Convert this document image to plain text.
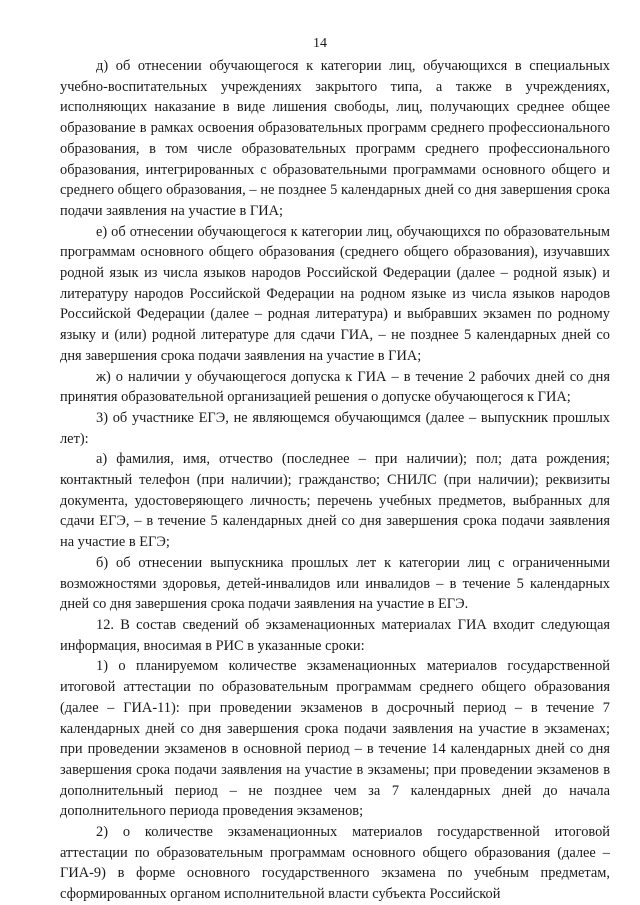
14

д) об отнесении обучающегося к категории лиц, обучающихся в специальных учебно-воспитательных учреждениях закрытого типа, а также в учреждениях, исполняющих наказание в виде лишения свободы, лиц, получающих среднее общее образование в рамках освоения образовательных программ среднего профессионального образования, в том числе образовательных программ среднего профессионального образования, интегрированных с образовательными программами основного общего и среднего общего образования, – не позднее 5 календарных дней со дня завершения срока подачи заявления на участие в ГИА;

е) об отнесении обучающегося к категории лиц, обучающихся по образовательным программам основного общего образования (среднего общего образования), изучавших родной язык из числа языков народов Российской Федерации (далее – родной язык) и литературу народов Российской Федерации на родном языке из числа языков народов Российской Федерации (далее – родная литература) и выбравших экзамен по родному языку и (или) родной литературе для сдачи ГИА, – не позднее 5 календарных дней со дня завершения срока подачи заявления на участие в ГИА;

ж) о наличии у обучающегося допуска к ГИА – в течение 2 рабочих дней со дня принятия образовательной организацией решения о допуске обучающегося к ГИА;

3) об участнике ЕГЭ, не являющемся обучающимся (далее – выпускник прошлых лет):

а) фамилия, имя, отчество (последнее – при наличии); пол; дата рождения; контактный телефон (при наличии); гражданство; СНИЛС (при наличии); реквизиты документа, удостоверяющего личность; перечень учебных предметов, выбранных для сдачи ЕГЭ, – в течение 5 календарных дней со дня завершения срока подачи заявления на участие в ЕГЭ;

б) об отнесении выпускника прошлых лет к категории лиц с ограниченными возможностями здоровья, детей-инвалидов или инвалидов – в течение 5 календарных дней со дня завершения срока подачи заявления на участие в ЕГЭ.

12. В состав сведений об экзаменационных материалах ГИА входит следующая информация, вносимая в РИС в указанные сроки:

1) о планируемом количестве экзаменационных материалов государственной итоговой аттестации по образовательным программам среднего общего образования (далее – ГИА-11): при проведении экзаменов в досрочный период – в течение 7 календарных дней со дня завершения срока подачи заявления на участие в экзаменах; при проведении экзаменов в основной период – в течение 14 календарных дней со дня завершения срока подачи заявления на участие в экзамены; при проведении экзаменов в дополнительный период – не позднее чем за 7 календарных дней до начала дополнительного периода проведения экзаменов;

2) о количестве экзаменационных материалов государственной итоговой аттестации по образовательным программам основного общего образования (далее – ГИА-9) в форме основного государственного экзамена по учебным предметам, сформированных органом исполнительной власти субъекта Российской
